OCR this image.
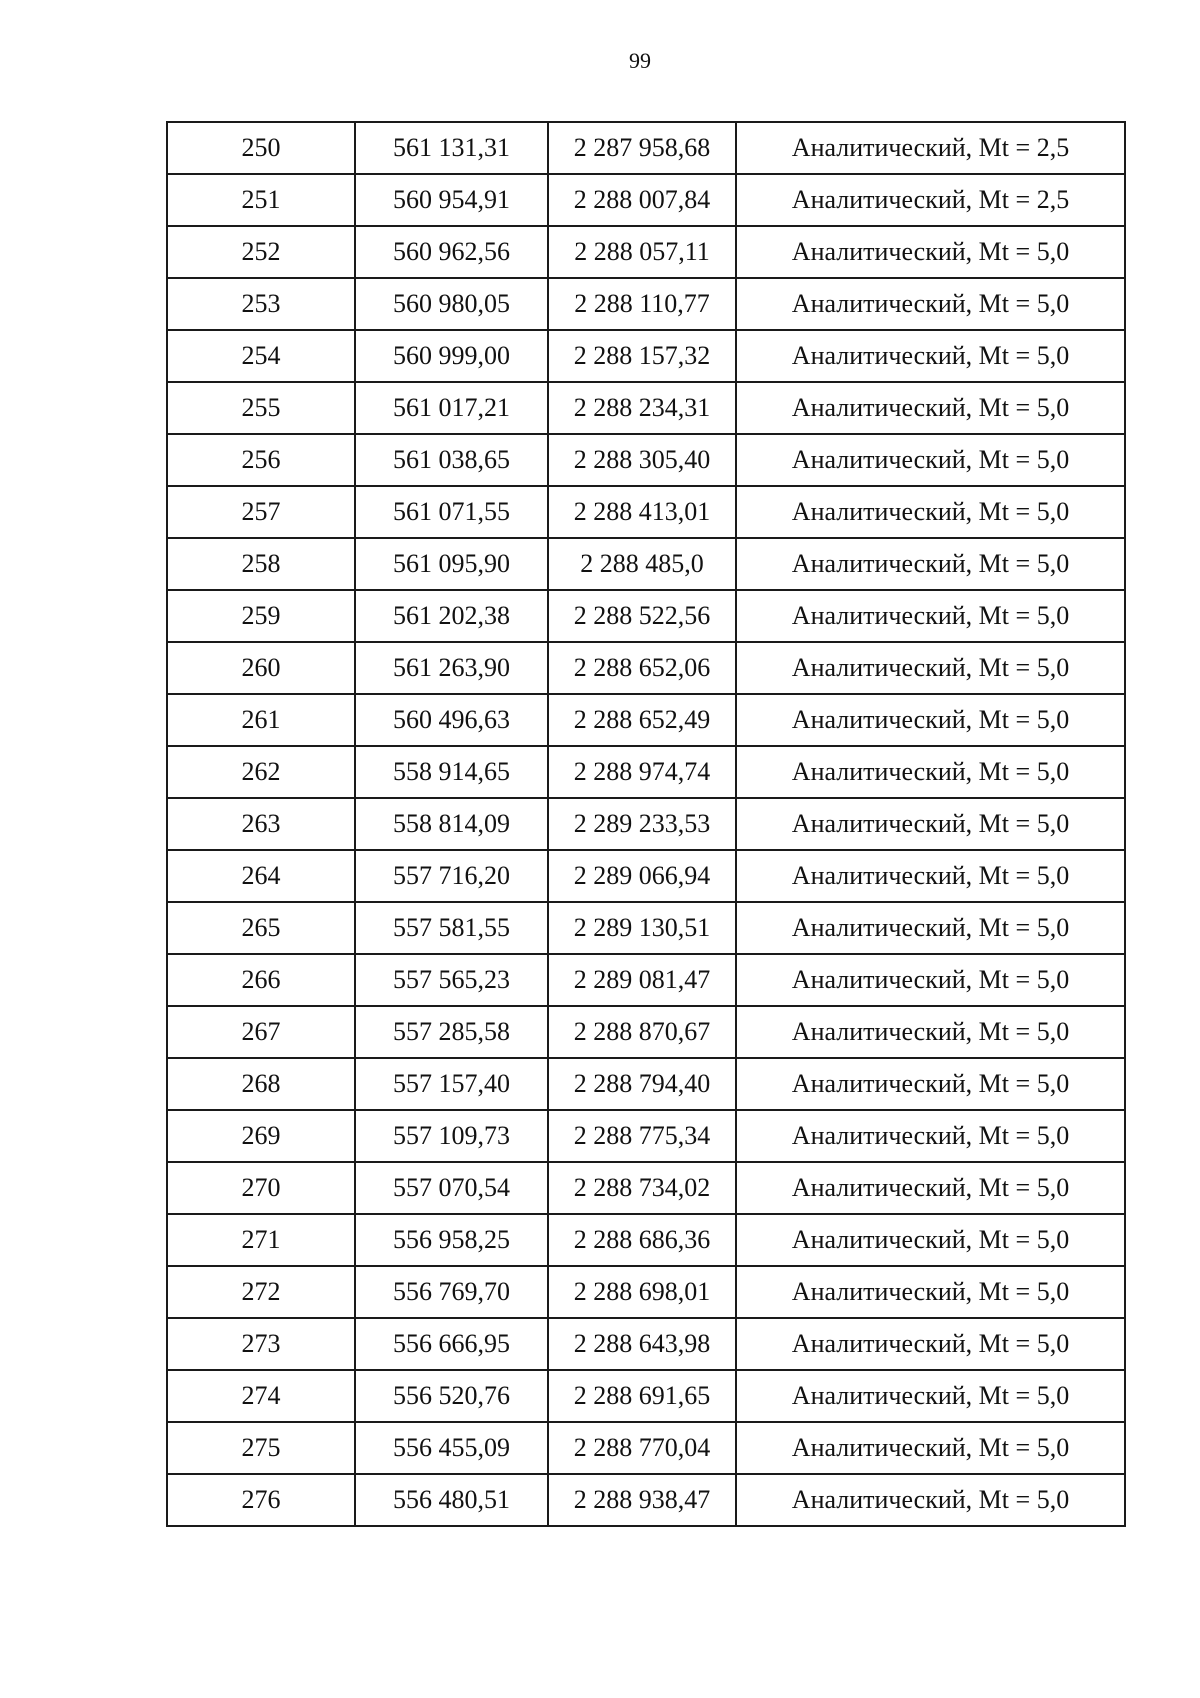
99
250	561 131,31	2 287 958,68	Аналитический, Mt = 2,5
251	560 954,91	2 288 007,84	Аналитический, Mt = 2,5
252	560 962,56	2 288 057,11	Аналитический, Mt = 5,0
253	560 980,05	2 288 110,77	Аналитический, Mt = 5,0
254	560 999,00	2 288 157,32	Аналитический, Mt = 5,0
255	561 017,21	2 288 234,31	Аналитический, Mt = 5,0
256	561 038,65	2 288 305,40	Аналитический, Mt = 5,0
257	561 071,55	2 288 413,01	Аналитический, Mt = 5,0
258	561 095,90	2 288 485,0	Аналитический, Mt = 5,0
259	561 202,38	2 288 522,56	Аналитический, Mt = 5,0
260	561 263,90	2 288 652,06	Аналитический, Mt = 5,0
261	560 496,63	2 288 652,49	Аналитический, Mt = 5,0
262	558 914,65	2 288 974,74	Аналитический, Mt = 5,0
263	558 814,09	2 289 233,53	Аналитический, Mt = 5,0
264	557 716,20	2 289 066,94	Аналитический, Mt = 5,0
265	557 581,55	2 289 130,51	Аналитический, Mt = 5,0
266	557 565,23	2 289 081,47	Аналитический, Mt = 5,0
267	557 285,58	2 288 870,67	Аналитический, Mt = 5,0
268	557 157,40	2 288 794,40	Аналитический, Mt = 5,0
269	557 109,73	2 288 775,34	Аналитический, Mt = 5,0
270	557 070,54	2 288 734,02	Аналитический, Mt = 5,0
271	556 958,25	2 288 686,36	Аналитический, Mt = 5,0
272	556 769,70	2 288 698,01	Аналитический, Mt = 5,0
273	556 666,95	2 288 643,98	Аналитический, Mt = 5,0
274	556 520,76	2 288 691,65	Аналитический, Mt = 5,0
275	556 455,09	2 288 770,04	Аналитический, Mt = 5,0
276	556 480,51	2 288 938,47	Аналитический, Mt = 5,0
